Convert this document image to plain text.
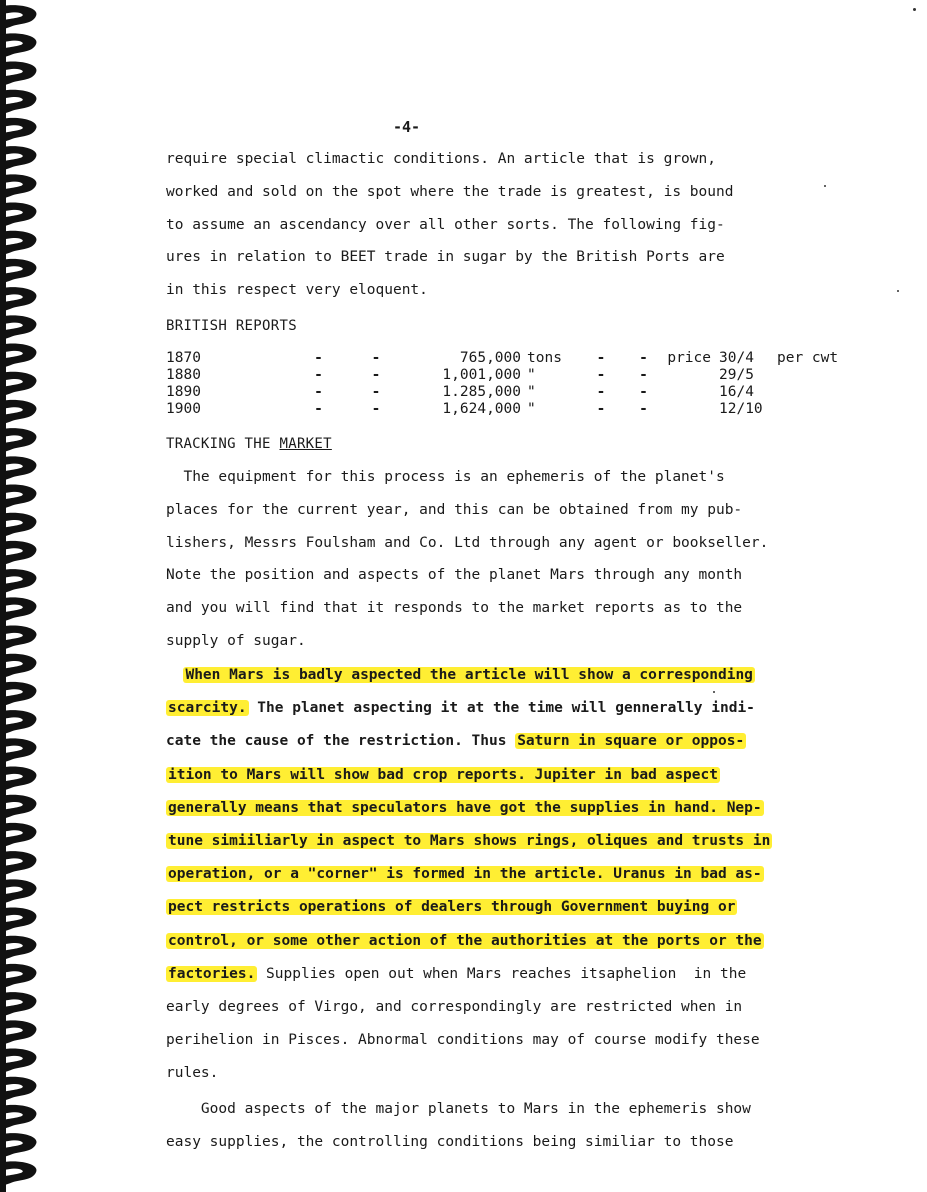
-4-
require special climactic conditions. An article that is grown,
worked and sold on the spot where the trade is greatest, is bound
to assume an ascendancy over all other sorts. The following fig-
ures in relation to BEET trade in sugar by the British Ports are
in this respect very eloquent.
BRITISH REPORTS
1870	-	-	765,000	tons	-	-	price	30/4	per cwt
1880	-	-	1,001,000	"	-	-		29/5	
1890	-	-	1.285,000	"	-	-		16/4	
1900	-	-	1,624,000	"	-	-		12/10	
TRACKING THE MARKET
The equipment for this process is an ephemeris of the planet's
places for the current year, and this can be obtained from my pub-
lishers, Messrs Foulsham and Co. Ltd through any agent or bookseller.
Note the position and aspects of the planet Mars through any month
and you will find that it responds to the market reports as to the
supply of sugar.
When Mars is badly aspected the article will show a corresponding
scarcity. The planet aspecting it at the time will gennerally indi-
cate the cause of the restriction. Thus Saturn in square or oppos-
ition to Mars will show bad crop reports. Jupiter in bad aspect
generally means that speculators have got the supplies in hand. Nep-
tune simiiliarly in aspect to Mars shows rings, oliques and trusts in
operation, or a "corner" is formed in the article. Uranus in bad as-
pect restricts operations of dealers through Government buying or
control, or some other action of the authorities at the ports or the
factories. Supplies open out when Mars reaches itsaphelion  in the
early degrees of Virgo, and correspondingly are restricted when in
perihelion in Pisces. Abnormal conditions may of course modify these
rules.
Good aspects of the major planets to Mars in the ephemeris show
easy supplies, the controlling conditions being similiar to those
